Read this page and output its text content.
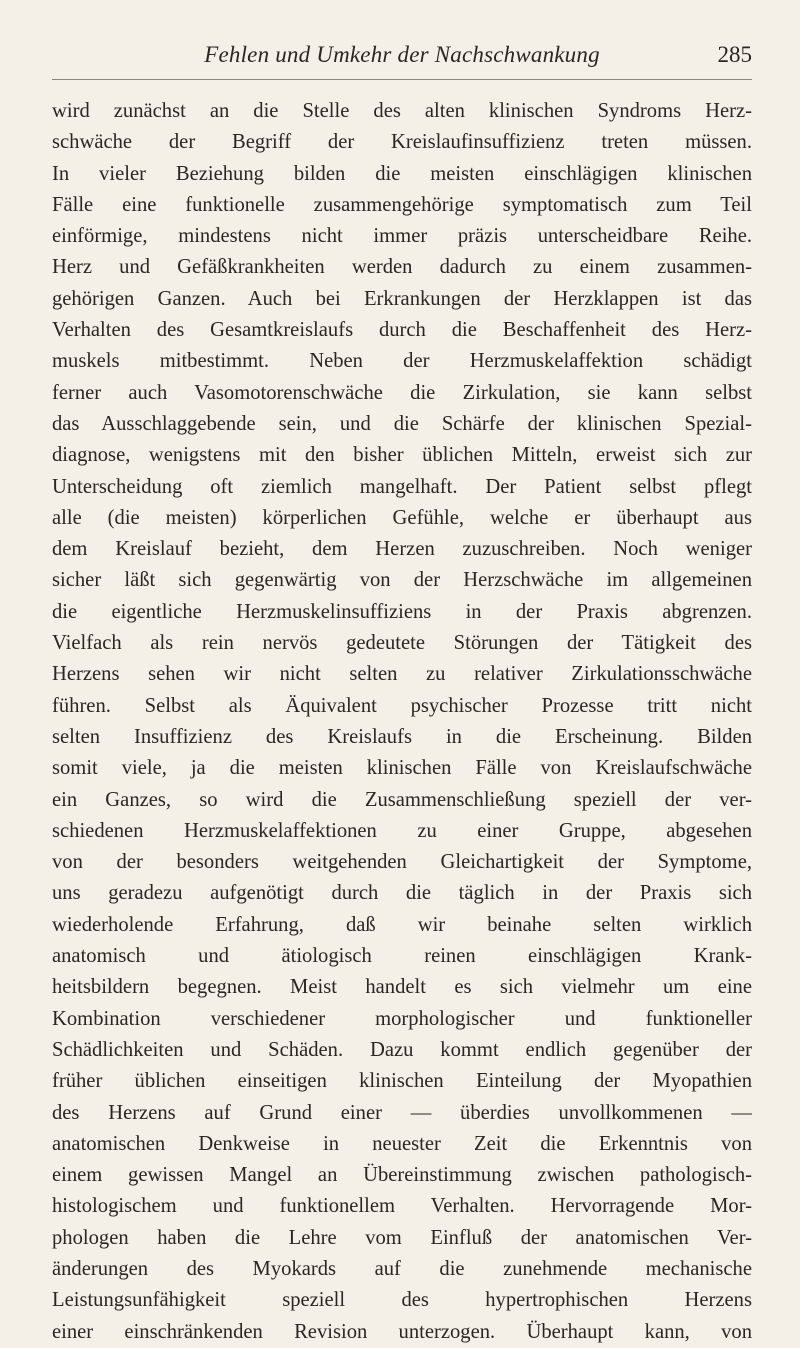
Fehlen und Umkehr der Nachschwankung	285
wird zunächst an die Stelle des alten klinischen Syndroms Herz-
schwäche der Begriff der Kreislaufinsuffizienz treten müssen.
In vieler Beziehung bilden die meisten einschlägigen klinischen
Fälle eine funktionelle zusammengehörige symptomatisch zum Teil
einförmige, mindestens nicht immer präzis unterscheidbare Reihe.
Herz und Gefäßkrankheiten werden dadurch zu einem zusammen-
gehörigen Ganzen. Auch bei Erkrankungen der Herzklappen ist das
Verhalten des Gesamtkreislaufs durch die Beschaffenheit des Herz-
muskels mitbestimmt. Neben der Herzmuskelaffektion schädigt
ferner auch Vasomotorenschwäche die Zirkulation, sie kann selbst
das Ausschlaggebende sein, und die Schärfe der klinischen Spezial-
diagnose, wenigstens mit den bisher üblichen Mitteln, erweist sich zur
Unterscheidung oft ziemlich mangelhaft. Der Patient selbst pflegt
alle (die meisten) körperlichen Gefühle, welche er überhaupt aus
dem Kreislauf bezieht, dem Herzen zuzuschreiben. Noch weniger
sicher läßt sich gegenwärtig von der Herzschwäche im allgemeinen
die eigentliche Herzmuskelinsuffiziens in der Praxis abgrenzen.
Vielfach als rein nervös gedeutete Störungen der Tätigkeit des
Herzens sehen wir nicht selten zu relativer Zirkulationsschwäche
führen. Selbst als Äquivalent psychischer Prozesse tritt nicht
selten Insuffizienz des Kreislaufs in die Erscheinung. Bilden
somit viele, ja die meisten klinischen Fälle von Kreislaufschwäche
ein Ganzes, so wird die Zusammenschließung speziell der ver-
schiedenen Herzmuskelaffektionen zu einer Gruppe, abgesehen
von der besonders weitgehenden Gleichartigkeit der Symptome,
uns geradezu aufgenötigt durch die täglich in der Praxis sich
wiederholende Erfahrung, daß wir beinahe selten wirklich
anatomisch und ätiologisch reinen einschlägigen Krank-
heitsbildern begegnen. Meist handelt es sich vielmehr um eine
Kombination verschiedener morphologischer und funktioneller
Schädlichkeiten und Schäden. Dazu kommt endlich gegenüber der
früher üblichen einseitigen klinischen Einteilung der Myopathien
des Herzens auf Grund einer — überdies unvollkommenen —
anatomischen Denkweise in neuester Zeit die Erkenntnis von
einem gewissen Mangel an Übereinstimmung zwischen pathologisch-
histologischem und funktionellem Verhalten. Hervorragende Mor-
phologen haben die Lehre vom Einfluß der anatomischen Ver-
änderungen des Myokards auf die zunehmende mechanische
Leistungsunfähigkeit speziell des hypertrophischen Herzens
einer einschränkenden Revision unterzogen. Überhaupt kann, von
